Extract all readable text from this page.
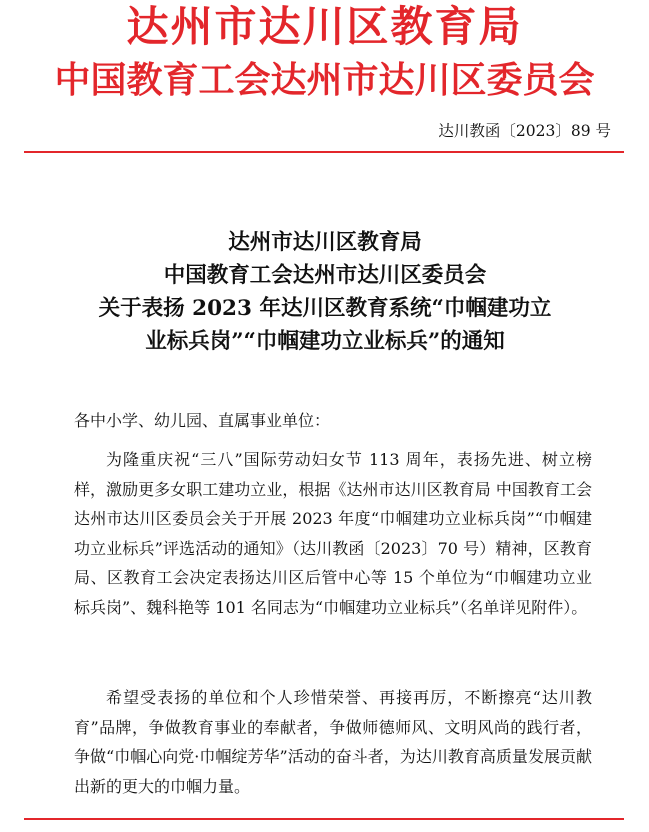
达州市达川区教育局
中国教育工会达州市达川区委员会
达川教函〔2023〕89 号
达州市达川区教育局
中国教育工会达州市达川区委员会
关于表扬 2023 年达川区教育系统“巾帼建功立
业标兵岗”“巾帼建功立业标兵”的通知
各中小学、幼儿园、直属事业单位：
为隆重庆祝“三八”国际劳动妇女节 113 周年，表扬先进、树立榜样，激励更多女职工建功立业，根据《达州市达川区教育局 中国教育工会达州市达川区委员会关于开展 2023 年度“巾帼建功立业标兵岗”“巾帼建功立业标兵”评选活动的通知》（达川教函〔2023〕70 号）精神，区教育局、区教育工会决定表扬达川区后管中心等 15 个单位为“巾帼建功立业标兵岗”、魏科艳等 101 名同志为“巾帼建功立业标兵”（名单详见附件）。
希望受表扬的单位和个人珍惜荣誉、再接再厉，不断擦亮“达川教育”品牌，争做教育事业的奉献者，争做师德师风、文明风尚的践行者，争做“巾帼心向党·巾帼绽芳华”活动的奋斗者，为达川教育高质量发展贡献出新的更大的巾帼力量。
